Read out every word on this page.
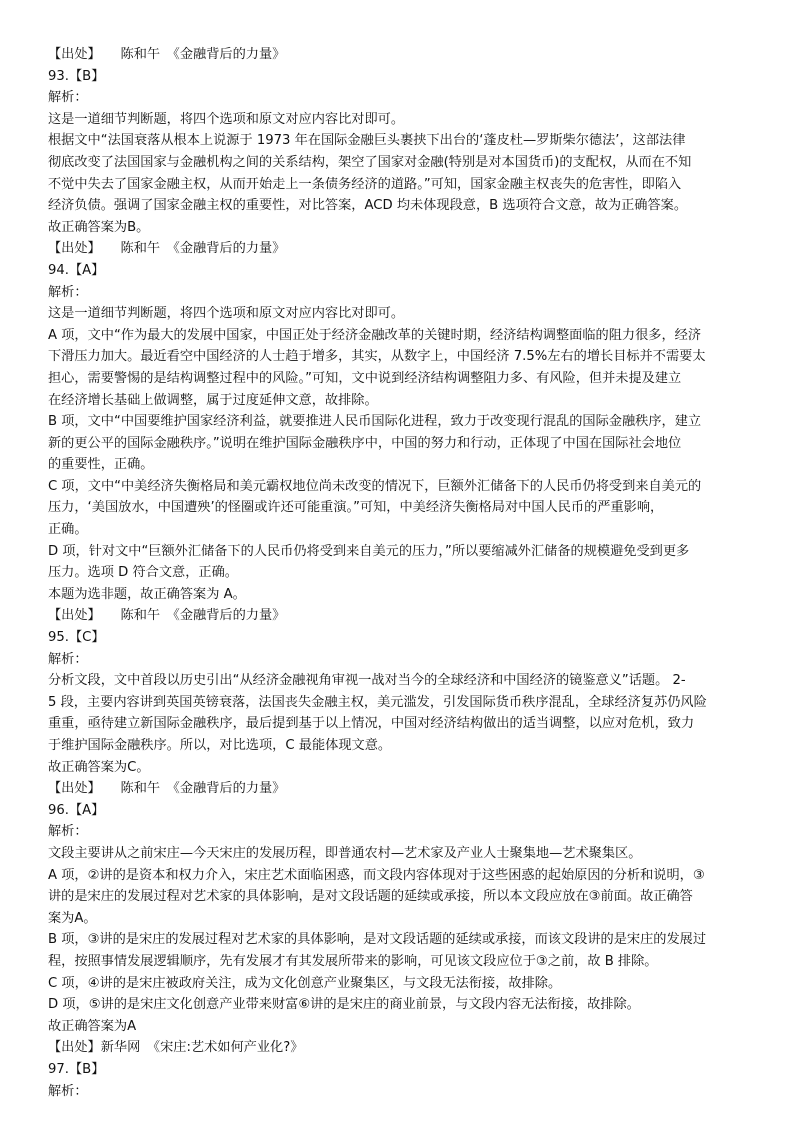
【出处】　　陈和午　《金融背后的力量》
93.【B】
解析：
这是一道细节判断题，将四个选项和原文对应内容比对即可。
根据文中“法国衰落从根本上说源于 1973 年在国际金融巨头裹挟下出台的‘蓬皮杜—罗斯柴尔德法’，这部法律
彻底改变了法国国家与金融机构之间的关系结构，架空了国家对金融(特别是对本国货币)的支配权，从而在不知
不觉中失去了国家金融主权，从而开始走上一条债务经济的道路。”可知，国家金融主权丧失的危害性，即陷入
经济负债。强调了国家金融主权的重要性，对比答案，ACD 均未体现段意，B 选项符合文意，故为正确答案。
故正确答案为B。
【出处】　　陈和午　《金融背后的力量》
94.【A】
解析：
这是一道细节判断题，将四个选项和原文对应内容比对即可。
A 项，文中“作为最大的发展中国家，中国正处于经济金融改革的关键时期，经济结构调整面临的阻力很多，经济
下滑压力加大。最近看空中国经济的人士趋于增多，其实，从数字上，中国经济 7.5%左右的增长目标并不需要太
担心，需要警惕的是结构调整过程中的风险。”可知，文中说到经济结构调整阻力多、有风险，但并未提及建立
在经济增长基础上做调整，属于过度延伸文意，故排除。
B 项，文中“中国要维护国家经济利益，就要推进人民币国际化进程，致力于改变现行混乱的国际金融秩序，建立
新的更公平的国际金融秩序。”说明在维护国际金融秩序中，中国的努力和行动，正体现了中国在国际社会地位
的重要性，正确。
C 项，文中“中美经济失衡格局和美元霸权地位尚未改变的情况下，巨额外汇储备下的人民币仍将受到来自美元的
压力，‘美国放水，中国遭殃’的怪圈或许还可能重演。”可知，中美经济失衡格局对中国人民币的严重影响，
正确。
D 项，针对文中“巨额外汇储备下的人民币仍将受到来自美元的压力，”所以要缩减外汇储备的规模避免受到更多
压力。选项 D 符合文意，正确。
本题为选非题，故正确答案为 A。
【出处】　　陈和午　《金融背后的力量》
95.【C】
解析：
分析文段，文中首段以历史引出“从经济金融视角审视一战对当今的全球经济和中国经济的镜鉴意义”话题。 2-
5 段，主要内容讲到英国英镑衰落，法国丧失金融主权，美元滥发，引发国际货币秩序混乱，全球经济复苏仍风险
重重，亟待建立新国际金融秩序，最后提到基于以上情况，中国对经济结构做出的适当调整，以应对危机，致力
于维护国际金融秩序。所以，对比选项，C 最能体现文意。
故正确答案为C。
【出处】　　陈和午　《金融背后的力量》
96.【A】
解析：
文段主要讲从之前宋庄—今天宋庄的发展历程，即普通农村—艺术家及产业人士聚集地—艺术聚集区。
A 项，②讲的是资本和权力介入，宋庄艺术面临困惑，而文段内容体现对于这些困惑的起始原因的分析和说明，③
讲的是宋庄的发展过程对艺术家的具体影响，是对文段话题的延续或承接，所以本文段应放在③前面。故正确答
案为A。
B 项，③讲的是宋庄的发展过程对艺术家的具体影响，是对文段话题的延续或承接，而该文段讲的是宋庄的发展过
程，按照事情发展逻辑顺序，先有发展才有其发展所带来的影响，可见该文段应位于③之前，故 B 排除。
C 项，④讲的是宋庄被政府关注，成为文化创意产业聚集区，与文段无法衔接，故排除。
D 项，⑤讲的是宋庄文化创意产业带来财富⑥讲的是宋庄的商业前景，与文段内容无法衔接，故排除。
故正确答案为A
【出处】新华网　《宋庄:艺术如何产业化?》
97.【B】
解析：
